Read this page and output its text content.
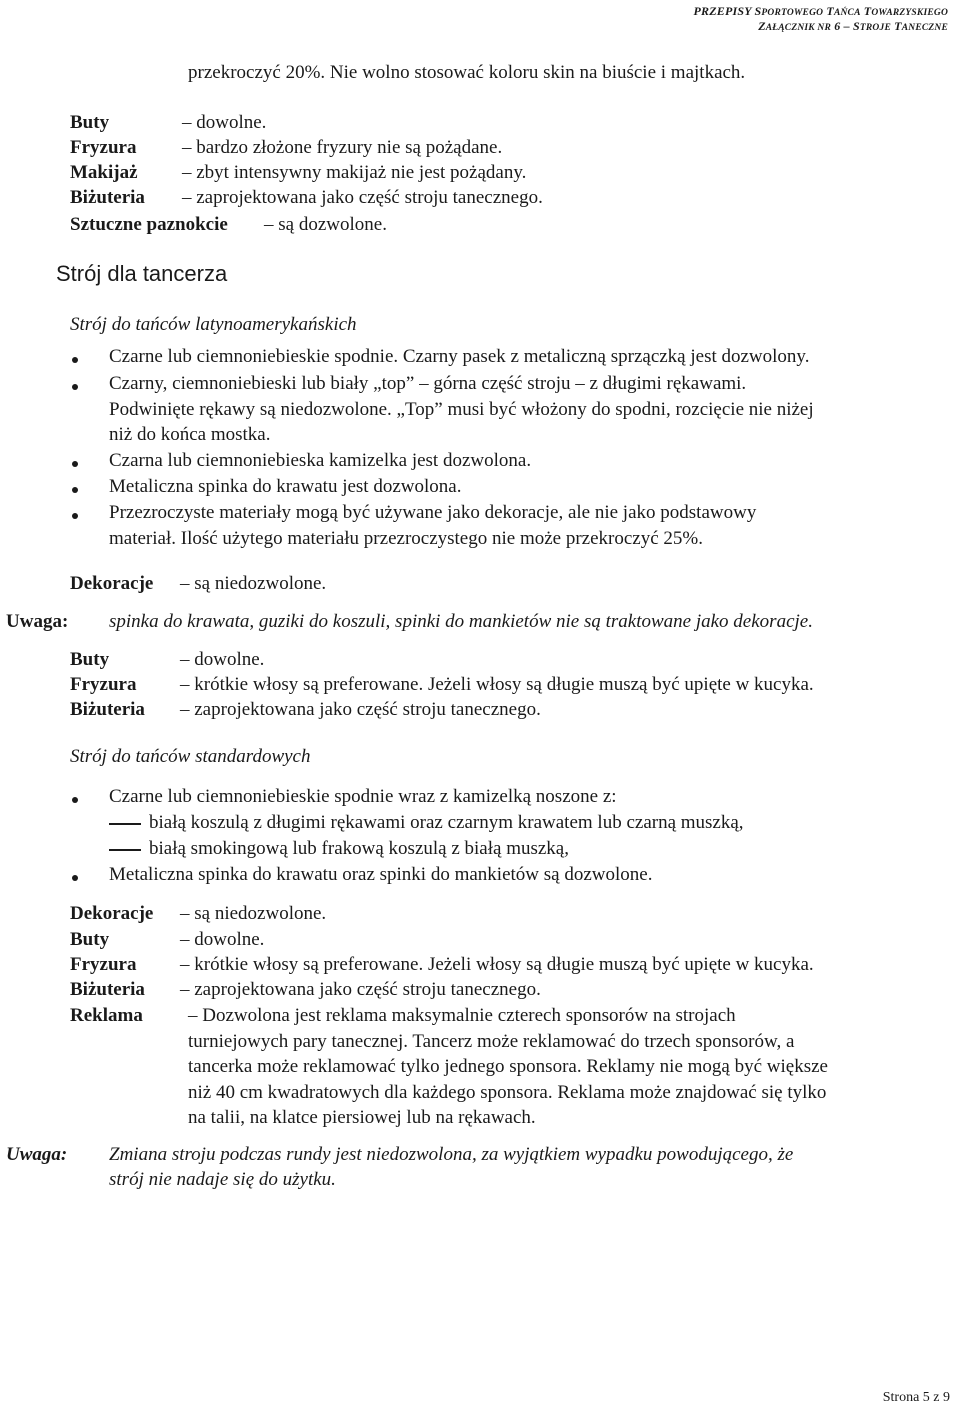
PRZEPISY SPORTOWEGO TAŃCA TOWARZYSKIEGO
ZAŁĄCZNIK NR 6 – STROJE TANECZNE
przekroczyć 20%. Nie wolno stosować koloru skin na biuście i majtkach.
Buty	– dowolne.
Fryzura – bardzo złożone fryzury nie są pożądane.
Makijaż – zbyt intensywny makijaż nie jest pożądany.
Biżuteria – zaprojektowana jako część stroju tanecznego.
Sztuczne paznokcie – są dozwolone.
Strój dla tancerza
Strój do tańców latynoamerykańskich
Czarne lub ciemnoniebieskie spodnie. Czarny pasek z metaliczną sprzączką jest dozwolony.
Czarny, ciemnoniebieski lub biały „top” – górna część stroju – z długimi rękawami.
Podwinięte rękawy są niedozwolone. „Top” musi być włożony do spodni, rozcięcie nie niżej
niż do końca mostka.
Czarna lub ciemnoniebieska kamizelka jest dozwolona.
Metaliczna spinka do krawatu jest dozwolona.
Przezroczyste materiały mogą być używane jako dekoracje, ale nie jako podstawowy
materiał. Ilość użytego materiału przezroczystego nie może przekroczyć 25%.
Dekoracje – są niedozwolone.
Uwaga: spinka do krawata, guziki do koszuli, spinki do mankietów nie są traktowane jako dekoracje.
Buty	– dowolne.
Fryzura – krótkie włosy są preferowane. Jeżeli włosy są długie muszą być upięte w kucyka.
Biżuteria – zaprojektowana jako część stroju tanecznego.
Strój do tańców standardowych
Czarne lub ciemnoniebieskie spodnie wraz z kamizelką noszone z:
białą koszulą z długimi rękawami oraz czarnym krawatem lub czarną muszką,
białą smokingową lub frakową koszulą z białą muszką,
Metaliczna spinka do krawatu oraz spinki do mankietów są dozwolone.
Dekoracje – są niedozwolone.
Buty	– dowolne.
Fryzura – krótkie włosy są preferowane. Jeżeli włosy są długie muszą być upięte w kucyka.
Biżuteria – zaprojektowana jako część stroju tanecznego.
Reklama – Dozwolona jest reklama maksymalnie czterech sponsorów na strojach
turniejowych pary tanecznej. Tancerz może reklamować do trzech sponsorów, a
tancerka może reklamować tylko jednego sponsora. Reklamy nie mogą być większe
niż 40 cm kwadratowych dla każdego sponsora. Reklama może znajdować się tylko
na talii, na klatce piersiowej lub na rękawach.
Uwaga: Zmiana stroju podczas rundy jest niedozwolona, za wyjątkiem wypadku powodującego, że
strój nie nadaje się do użytku.
Strona 5 z 9
